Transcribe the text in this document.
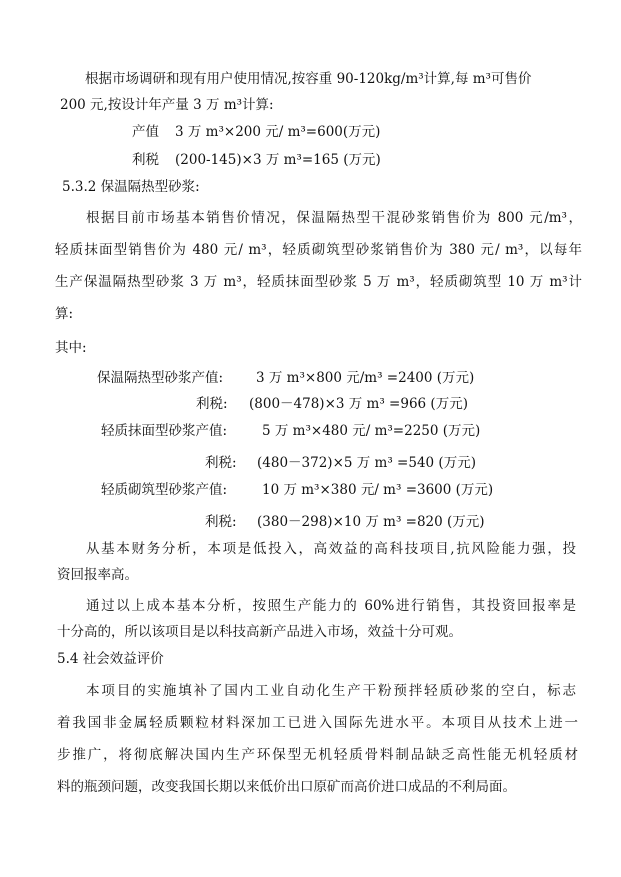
根据市场调研和现有用户使用情况,按容重 90-120kg/m³计算,每 m³可售价
200 元,按设计年产量 3 万 m³计算:
产值 3 万 m³×200 元/ m³=600(万元)
利税 (200-145)×3 万 m³=165 (万元)
5.3.2 保温隔热型砂浆:
根据目前市场基本销售价情况，保温隔热型干混砂浆销售价为 800 元/m³，
轻质抹面型销售价为 480 元/ m³，轻质砌筑型砂浆销售价为 380 元/ m³，以每年
生产保温隔热型砂浆 3 万 m³，轻质抹面型砂浆 5 万 m³，轻质砌筑型 10 万 m³计
算:
其中:
保温隔热型砂浆产值: 3 万 m³×800 元/m³ =2400 (万元)
利税: (800－478)×3 万 m³ =966 (万元)
轻质抹面型砂浆产值:	5 万 m³×480 元/ m³=2250 (万元)
利税: (480－372)×5 万 m³ =540 (万元)
轻质砌筑型砂浆产值:	10 万 m³×380 元/ m³ =3600 (万元)
利税: (380－298)×10 万 m³ =820 (万元)
从基本财务分析，本项是低投入，高效益的高科技项目,抗风险能力强，投
资回报率高。
通过以上成本基本分析，按照生产能力的 60%进行销售，其投资回报率是
十分高的，所以该项目是以科技高新产品进入市场，效益十分可观。
5.4 社会效益评价
本项目的实施填补了国内工业自动化生产干粉预拌轻质砂浆的空白，标志
着我国非金属轻质颗粒材料深加工已进入国际先进水平。本项目从技术上进一
步推广，将彻底解决国内生产环保型无机轻质骨料制品缺乏高性能无机轻质材
料的瓶颈问题，改变我国长期以来低价出口原矿而高价进口成品的不利局面。
